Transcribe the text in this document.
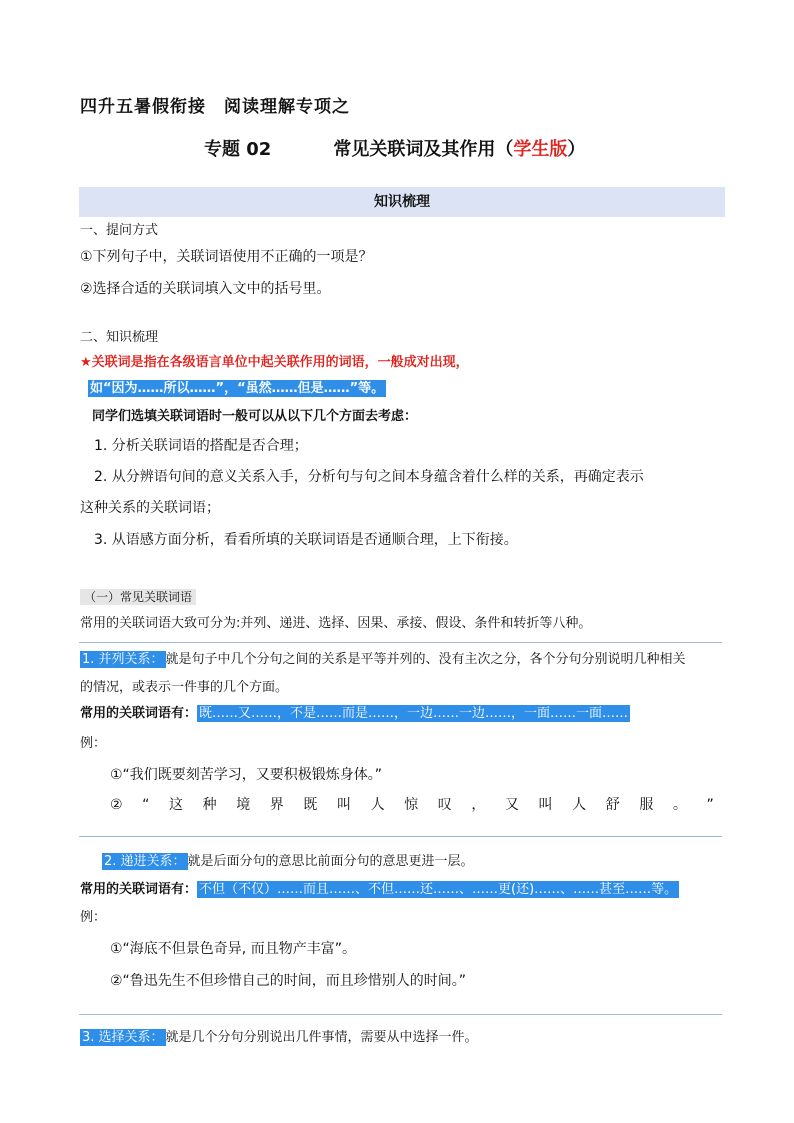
四升五暑假衔接　阅读理解专项之
专题 02	常见关联词及其作用（学生版）
知识梳理
一、提问方式
①下列句子中，关联词语使用不正确的一项是？
②选择合适的关联词填入文中的括号里。
二、知识梳理
★关联词是指在各级语言单位中起关联作用的词语，一般成对出现，
如“因为……所以……”，“虽然……但是……”等。
同学们选填关联词语时一般可以从以下几个方面去考虑：
1. 分析关联词语的搭配是否合理；
2. 从分辨语句间的意义关系入手，分析句与句之间本身蕴含着什么样的关系，再确定表示
这种关系的关联词语；
3. 从语感方面分析，看看所填的关联词语是否通顺合理，上下衔接。
（一）常见关联词语
常用的关联词语大致可分为:并列、递进、选择、因果、承接、假设、条件和转折等八种。
1. 并列关系： 就是句子中几个分句之间的关系是平等并列的、没有主次之分，各个分句分别说明几种相关
的情况，或表示一件事的几个方面。
常用的关联词语有： 既……又……，不是……而是……，一边……一边……，一面……一面……
例：
①“我们既要刻苦学习，又要积极锻炼身体。”
② “ 这 种 境 界 既 叫 人 惊 叹 ， 又 叫 人 舒 服 。 ”
2. 递进关系： 就是后面分句的意思比前面分句的意思更进一层。
常用的关联词语有： 不但（不仅）……而且……、不但……还……、……更(还)……、……甚至……等。
例：
①“海底不但景色奇异, 而且物产丰富”。
②“鲁迅先生不但珍惜自己的时间，而且珍惜别人的时间。”
3. 选择关系： 就是几个分句分别说出几件事情，需要从中选择一件。
